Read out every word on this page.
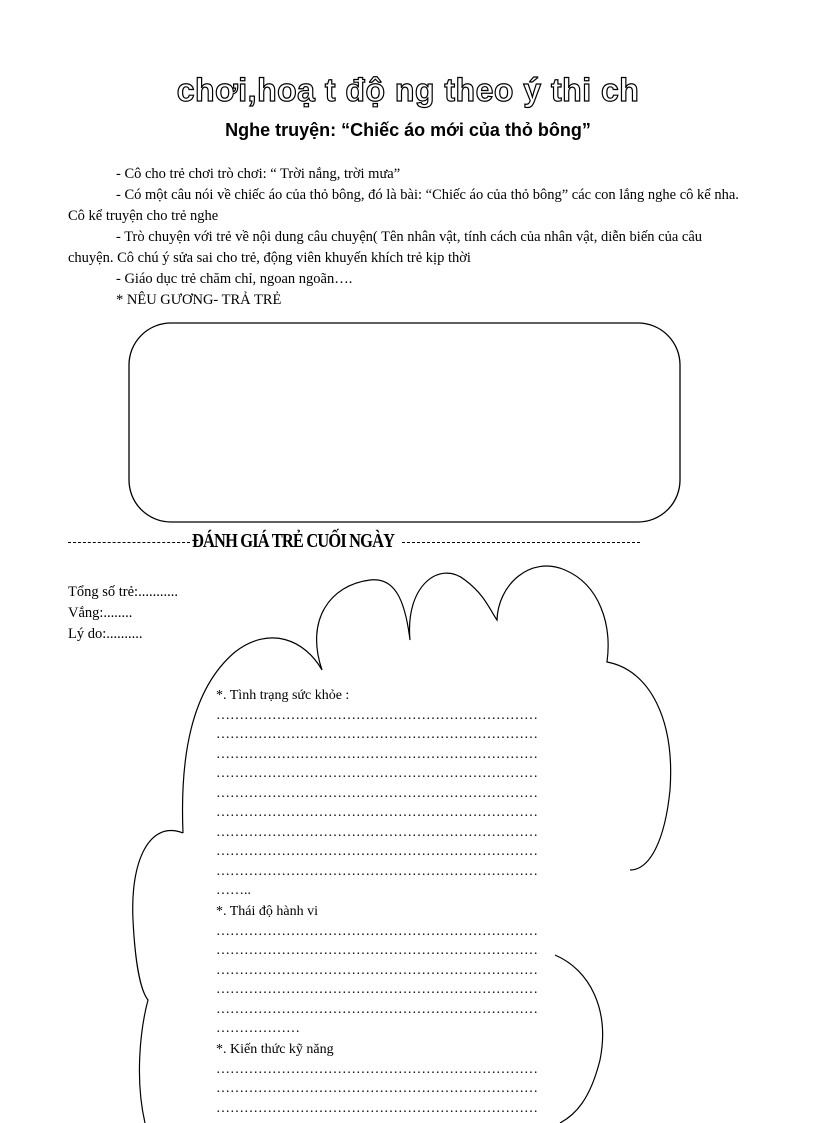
chơi,hoạ t độ ng theo ý thi ch
Nghe truyện: “Chiếc áo mới của thỏ bông”

- Cô cho trẻ chơi trò chơi: “ Trời nắng, trời mưa”

- Có một câu nói về chiếc áo của thỏ bông, đó là bài: “Chiếc áo của thỏ bông” các con lắng nghe cô kể nha. Cô kể truyện cho trẻ nghe

- Trò chuyện với trẻ về nội dung câu chuyện( Tên nhân vật, tính cách của nhân vật, diễn biến của câu chuyện. Cô chú ý sửa sai cho trẻ, động viên khuyến khích trẻ kịp thời

- Giáo dục trẻ chăm chỉ, ngoan ngoãn….

* NÊU GƯƠNG- TRẢ TRẺ

ĐÁNH GIÁ TRẺ CUỐI NGÀY
Tổng số trẻ:...........
Vắng:........
Lý do:..........
*. Tình trạng sức khỏe :
……………………………………………………………
……………………………………………………………
……………………………………………………………
……………………………………………………………
……………………………………………………………
……………………………………………………………
……………………………………………………………
……………………………………………………………
……………………………………………………………
……..
*. Thái độ hành vi
……………………………………………………………
……………………………………………………………
……………………………………………………………
……………………………………………………………
……………………………………………………………
………………
*. Kiến thức kỹ năng
……………………………………………………………
……………………………………………………………
……………………………………………………………
